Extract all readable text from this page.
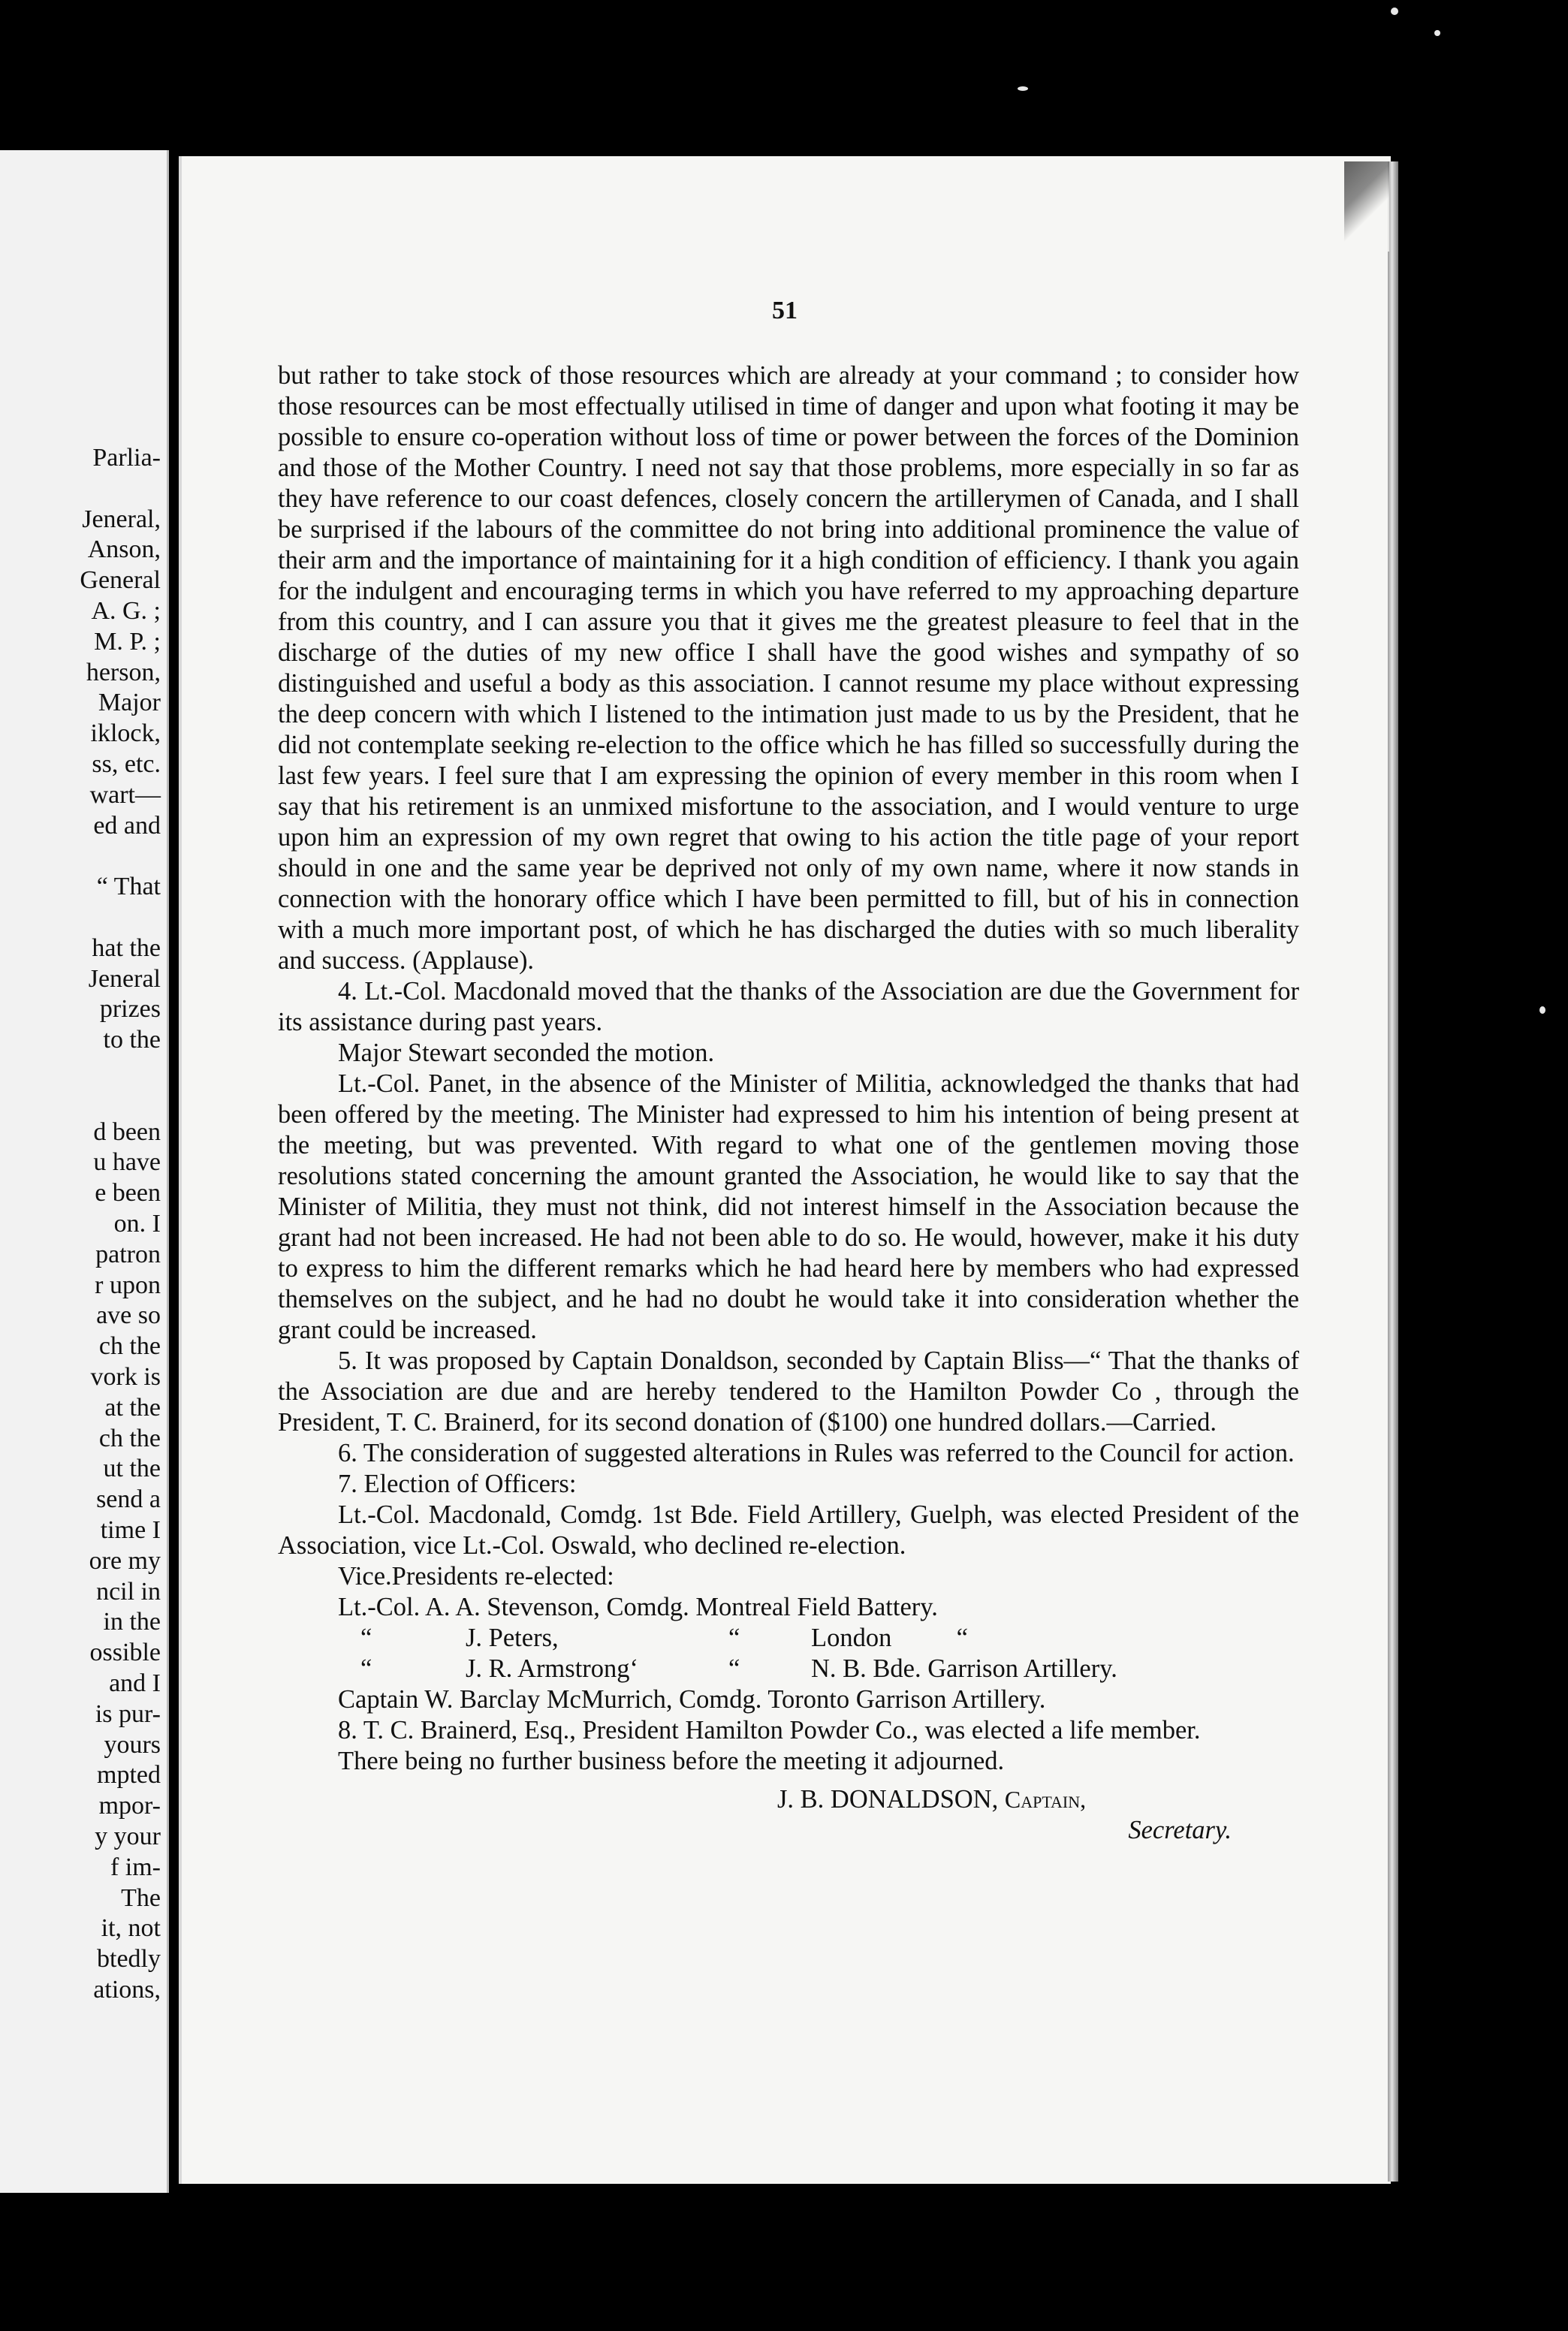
Parlia-
Jeneral,
Anson,
General
A. G. ;
M. P. ;
herson,
Major
iklock,
ss, etc.
wart—
ed and
“ That
hat the
Jeneral
prizes
to the
d been
u have
e been
on. I
patron
r upon
ave so
ch the
vork is
at the
ch the
ut the
send a
time I
ore my
ncil in
in the
ossible
and I
is pur-
yours
mpted
mpor-
y your
f im-
The
it, not
btedly
ations,
51

but rather to take stock of those resources which are already at your command ; to consider how those resources can be most effectually utilised in time of danger and upon what footing it may be possible to ensure co-operation without loss of time or power between the forces of the Dominion and those of the Mother Country. I need not say that those problems, more especially in so far as they have reference to our coast defences, closely concern the artillerymen of Canada, and I shall be surprised if the labours of the committee do not bring into additional prominence the value of their arm and the importance of maintaining for it a high condition of efficiency. I thank you again for the indulgent and encouraging terms in which you have referred to my approaching departure from this country, and I can assure you that it gives me the greatest pleasure to feel that in the discharge of the duties of my new office I shall have the good wishes and sympathy of so distinguished and useful a body as this association. I cannot resume my place without expressing the deep concern with which I listened to the intimation just made to us by the President, that he did not contemplate seeking re-election to the office which he has filled so successfully during the last few years. I feel sure that I am expressing the opinion of every member in this room when I say that his retirement is an unmixed misfortune to the association, and I would venture to urge upon him an expression of my own regret that owing to his action the title page of your report should in one and the same year be deprived not only of my own name, where it now stands in connection with the honorary office which I have been permitted to fill, but of his in connection with a much more important post, of which he has discharged the duties with so much liberality and success. (Applause).

4. Lt.-Col. Macdonald moved that the thanks of the Association are due the Government for its assistance during past years.

Major Stewart seconded the motion.

Lt.-Col. Panet, in the absence of the Minister of Militia, acknowledged the thanks that had been offered by the meeting. The Minister had expressed to him his intention of being present at the meeting, but was prevented. With regard to what one of the gentlemen moving those resolutions stated concerning the amount granted the Association, he would like to say that the Minister of Militia, they must not think, did not interest himself in the Association because the grant had not been increased. He had not been able to do so. He would, however, make it his duty to express to him the different remarks which he had heard here by members who had expressed themselves on the subject, and he had no doubt he would take it into consideration whether the grant could be increased.

5. It was proposed by Captain Donaldson, seconded by Captain Bliss—“ That the thanks of the Association are due and are hereby tendered to the Hamilton Powder Co , through the President, T. C. Brainerd, for its second donation of ($100) one hundred dollars.—Carried.

6. The consideration of suggested alterations in Rules was referred to the Council for action.

7. Election of Officers:

Lt.-Col. Macdonald, Comdg. 1st Bde. Field Artillery, Guelph, was elected President of the Association, vice Lt.-Col. Oswald, who declined re-election.

Vice.Presidents re-elected:

Lt.-Col. A. A. Stevenson, Comdg. Montreal Field Battery.
“	J. Peters,	“	London          “
“	J. R. Armstrong‘	“	N. B. Bde. Garrison Artillery.

Captain W. Barclay McMurrich, Comdg. Toronto Garrison Artillery.

8. T. C. Brainerd, Esq., President Hamilton Powder Co., was elected a life member.

There being no further business before the meeting it adjourned.

J. B. DONALDSON, Captain,
Secretary.
